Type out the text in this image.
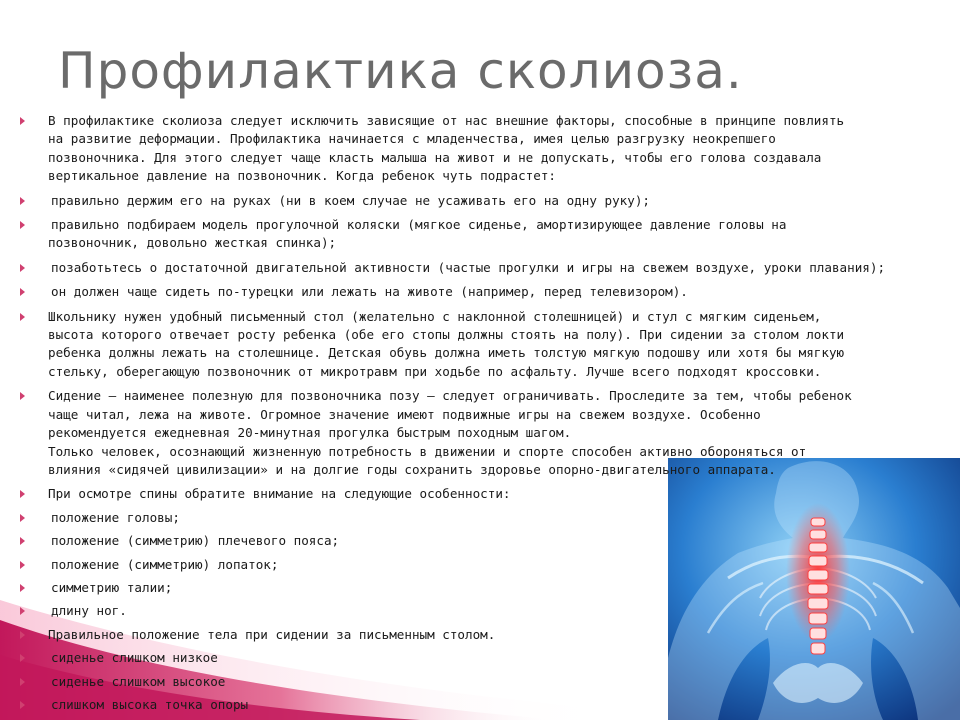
Профилактика сколиоза.
В профилактике сколиоза следует исключить зависящие от нас внешние факторы, способные в принципе повлиять
на развитие деформации. Профилактика начинается с младенчества, имея целью разгрузку неокрепшего
позвоночника. Для этого следует чаще класть малыша на живот и не допускать, чтобы его голова создавала
вертикальное давление на позвоночник. Когда ребенок чуть подрастет:
правильно держим его на руках (ни в коем случае не усаживать его на одну руку);
правильно подбираем модель прогулочной коляски (мягкое сиденье, амортизирующее давление головы на
позвоночник, довольно жесткая спинка);
позаботьтесь о достаточной двигательной активности (частые прогулки и игры на свежем воздухе, уроки плавания);
он должен чаще сидеть по-турецки или лежать на животе (например, перед телевизором).
Школьнику нужен удобный письменный стол (желательно с наклонной столешницей) и стул с мягким сиденьем,
высота которого отвечает росту ребенка (обе его стопы должны стоять на полу). При сидении за столом локти
ребенка должны лежать на столешнице. Детская обувь должна иметь толстую мягкую подошву или хотя бы мягкую
стельку, оберегающую позвоночник от микротравм при ходьбе по асфальту. Лучше всего подходят кроссовки.
Сидение – наименее полезную для позвоночника позу – следует ограничивать. Проследите за тем, чтобы ребенок
чаще читал, лежа на животе. Огромное значение имеют подвижные игры на свежем воздухе. Особенно
рекомендуется ежедневная 20-минутная прогулка быстрым походным шагом.
Только человек, осознающий жизненную потребность в движении и спорте способен активно обороняться от
влияния «сидячей цивилизации» и на долгие годы сохранить здоровье опорно-двигательного аппарата.
При осмотре спины обратите внимание на следующие особенности:
положение головы;
положение (симметрию) плечевого пояса;
положение (симметрию) лопаток;
симметрию талии;
длину ног.
Правильное положение тела при сидении за письменным столом.
сиденье слишком низкое
сиденье слишком высокое
слишком высока точка опоры
